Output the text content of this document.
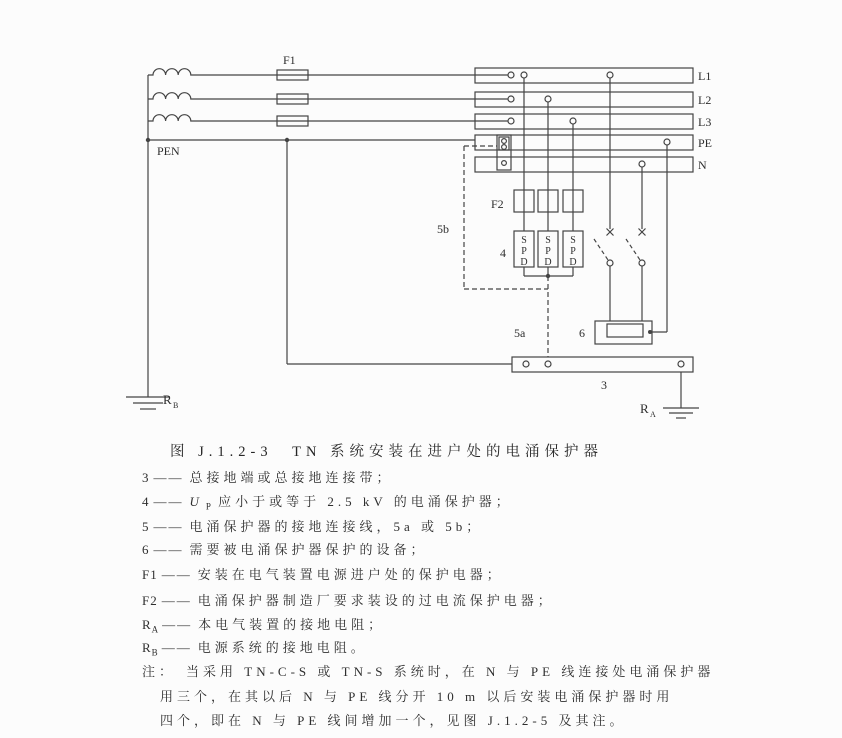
S
P
D
S
P
D
S
P
D
F1
PEN
L1
L2
L3
PE
N
F2
4
5b
5a	6
3
R A
R B
图 J.1.2-3　TN 系统安装在进户处的电涌保护器
3 —— 总接地端或总接地连接带；
4 —— U $_P$ 应小于或等于 2.5 kV 的电涌保护器；
5 —— 电涌保护器的接地连接线，5a 或 5b；
6 —— 需要被电涌保护器保护的设备；
F1 —— 安装在电气装置电源进户处的保护电器；
F2 —— 电涌保护器制造厂要求装设的过电流保护电器；
$R_A$ —— 本电气装置的接地电阻；
$R_B$ —— 电源系统的接地电阻。
注： 当采用 TN-C-S 或 TN-S 系统时，在 N 与 PE 线连接处电涌保护器
用三个，在其以后 N 与 PE 线分开 10 m 以后安装电涌保护器时用
四个，即在 N 与 PE 线间增加一个，见图 J.1.2-5 及其注。
